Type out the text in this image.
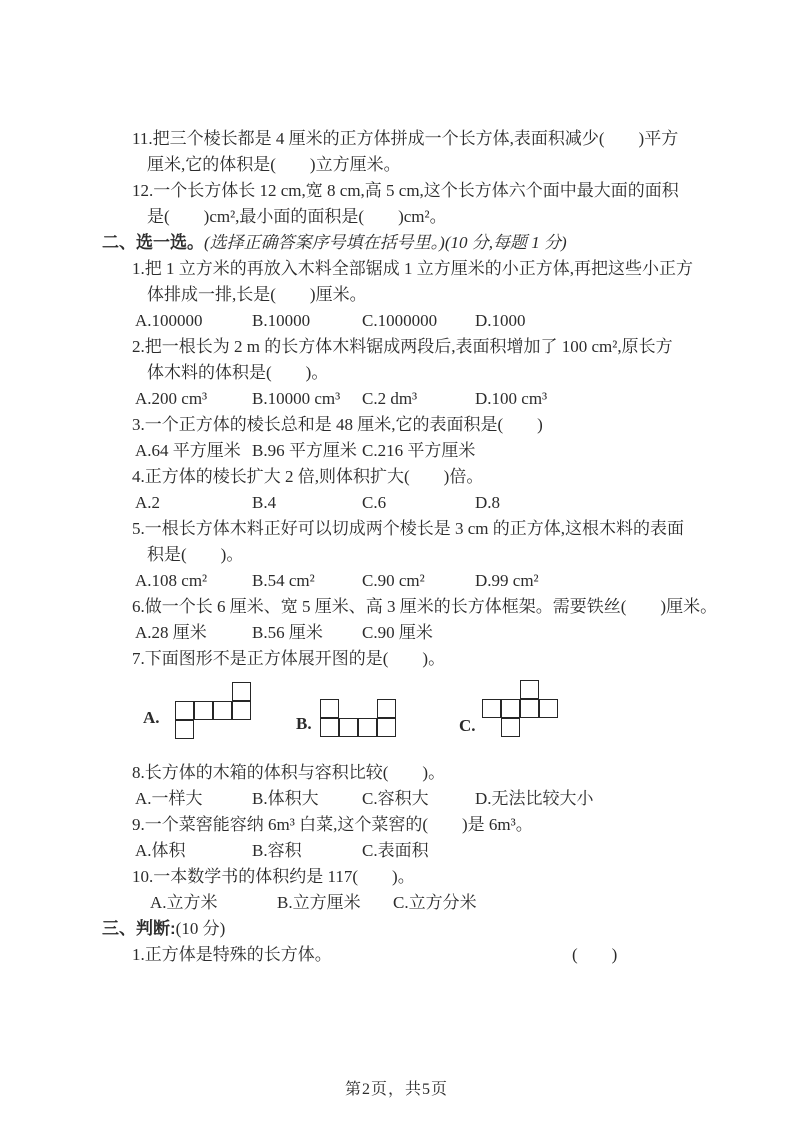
11.把三个棱长都是 4 厘米的正方体拼成一个长方体,表面积减少(　　)平方
厘米,它的体积是(　　)立方厘米。
12.一个长方体长 12 cm,宽 8 cm,高 5 cm,这个长方体六个面中最大面的面积
是(　　)cm²,最小面的面积是(　　)cm²。
二、选一选。(选择正确答案序号填在括号里。)(10 分,每题 1 分)
1.把 1 立方米的再放入木料全部锯成 1 立方厘米的小正方体,再把这些小正方
体排成一排,长是(　　)厘米。
A.100000	B.10000	C.1000000 D.1000
2.把一根长为 2 m 的长方体木料锯成两段后,表面积增加了 100 cm²,原长方
体木料的体积是(　　)。
A.200 cm³	B.10000 cm³ C.2 dm³	D.100 cm³
3.一个正方体的棱长总和是 48 厘米,它的表面积是(　　)
A.64 平方厘米 B.96 平方厘米 C.216 平方厘米
4.正方体的棱长扩大 2 倍,则体积扩大(　　)倍。
A.2	B.4	C.6	D.8
5.一根长方体木料正好可以切成两个棱长是 3 cm 的正方体,这根木料的表面
积是(　　)。
A.108 cm²	B.54 cm²	C.90 cm²	D.99 cm²
6.做一个长 6 厘米、宽 5 厘米、高 3 厘米的长方体框架。需要铁丝(　　)厘米。
A.28 厘米	B.56 厘米 C.90 厘米
7.下面图形不是正方体展开图的是(　　)。
A.	B.	C.
8.长方体的木箱的体积与容积比较(　　)。
A.一样大	B.体积大	C.容积大	D.无法比较大小
9.一个菜窖能容纳 6m³ 白菜,这个菜窖的(　　)是 6m³。
A.体积	B.容积	C.表面积
10.一本数学书的体积约是 117(　　)。
A.立方米	B.立方厘米 C.立方分米
三、判断:(10 分)
1.正方体是特殊的长方体。	(　　)
第2页，共5页
